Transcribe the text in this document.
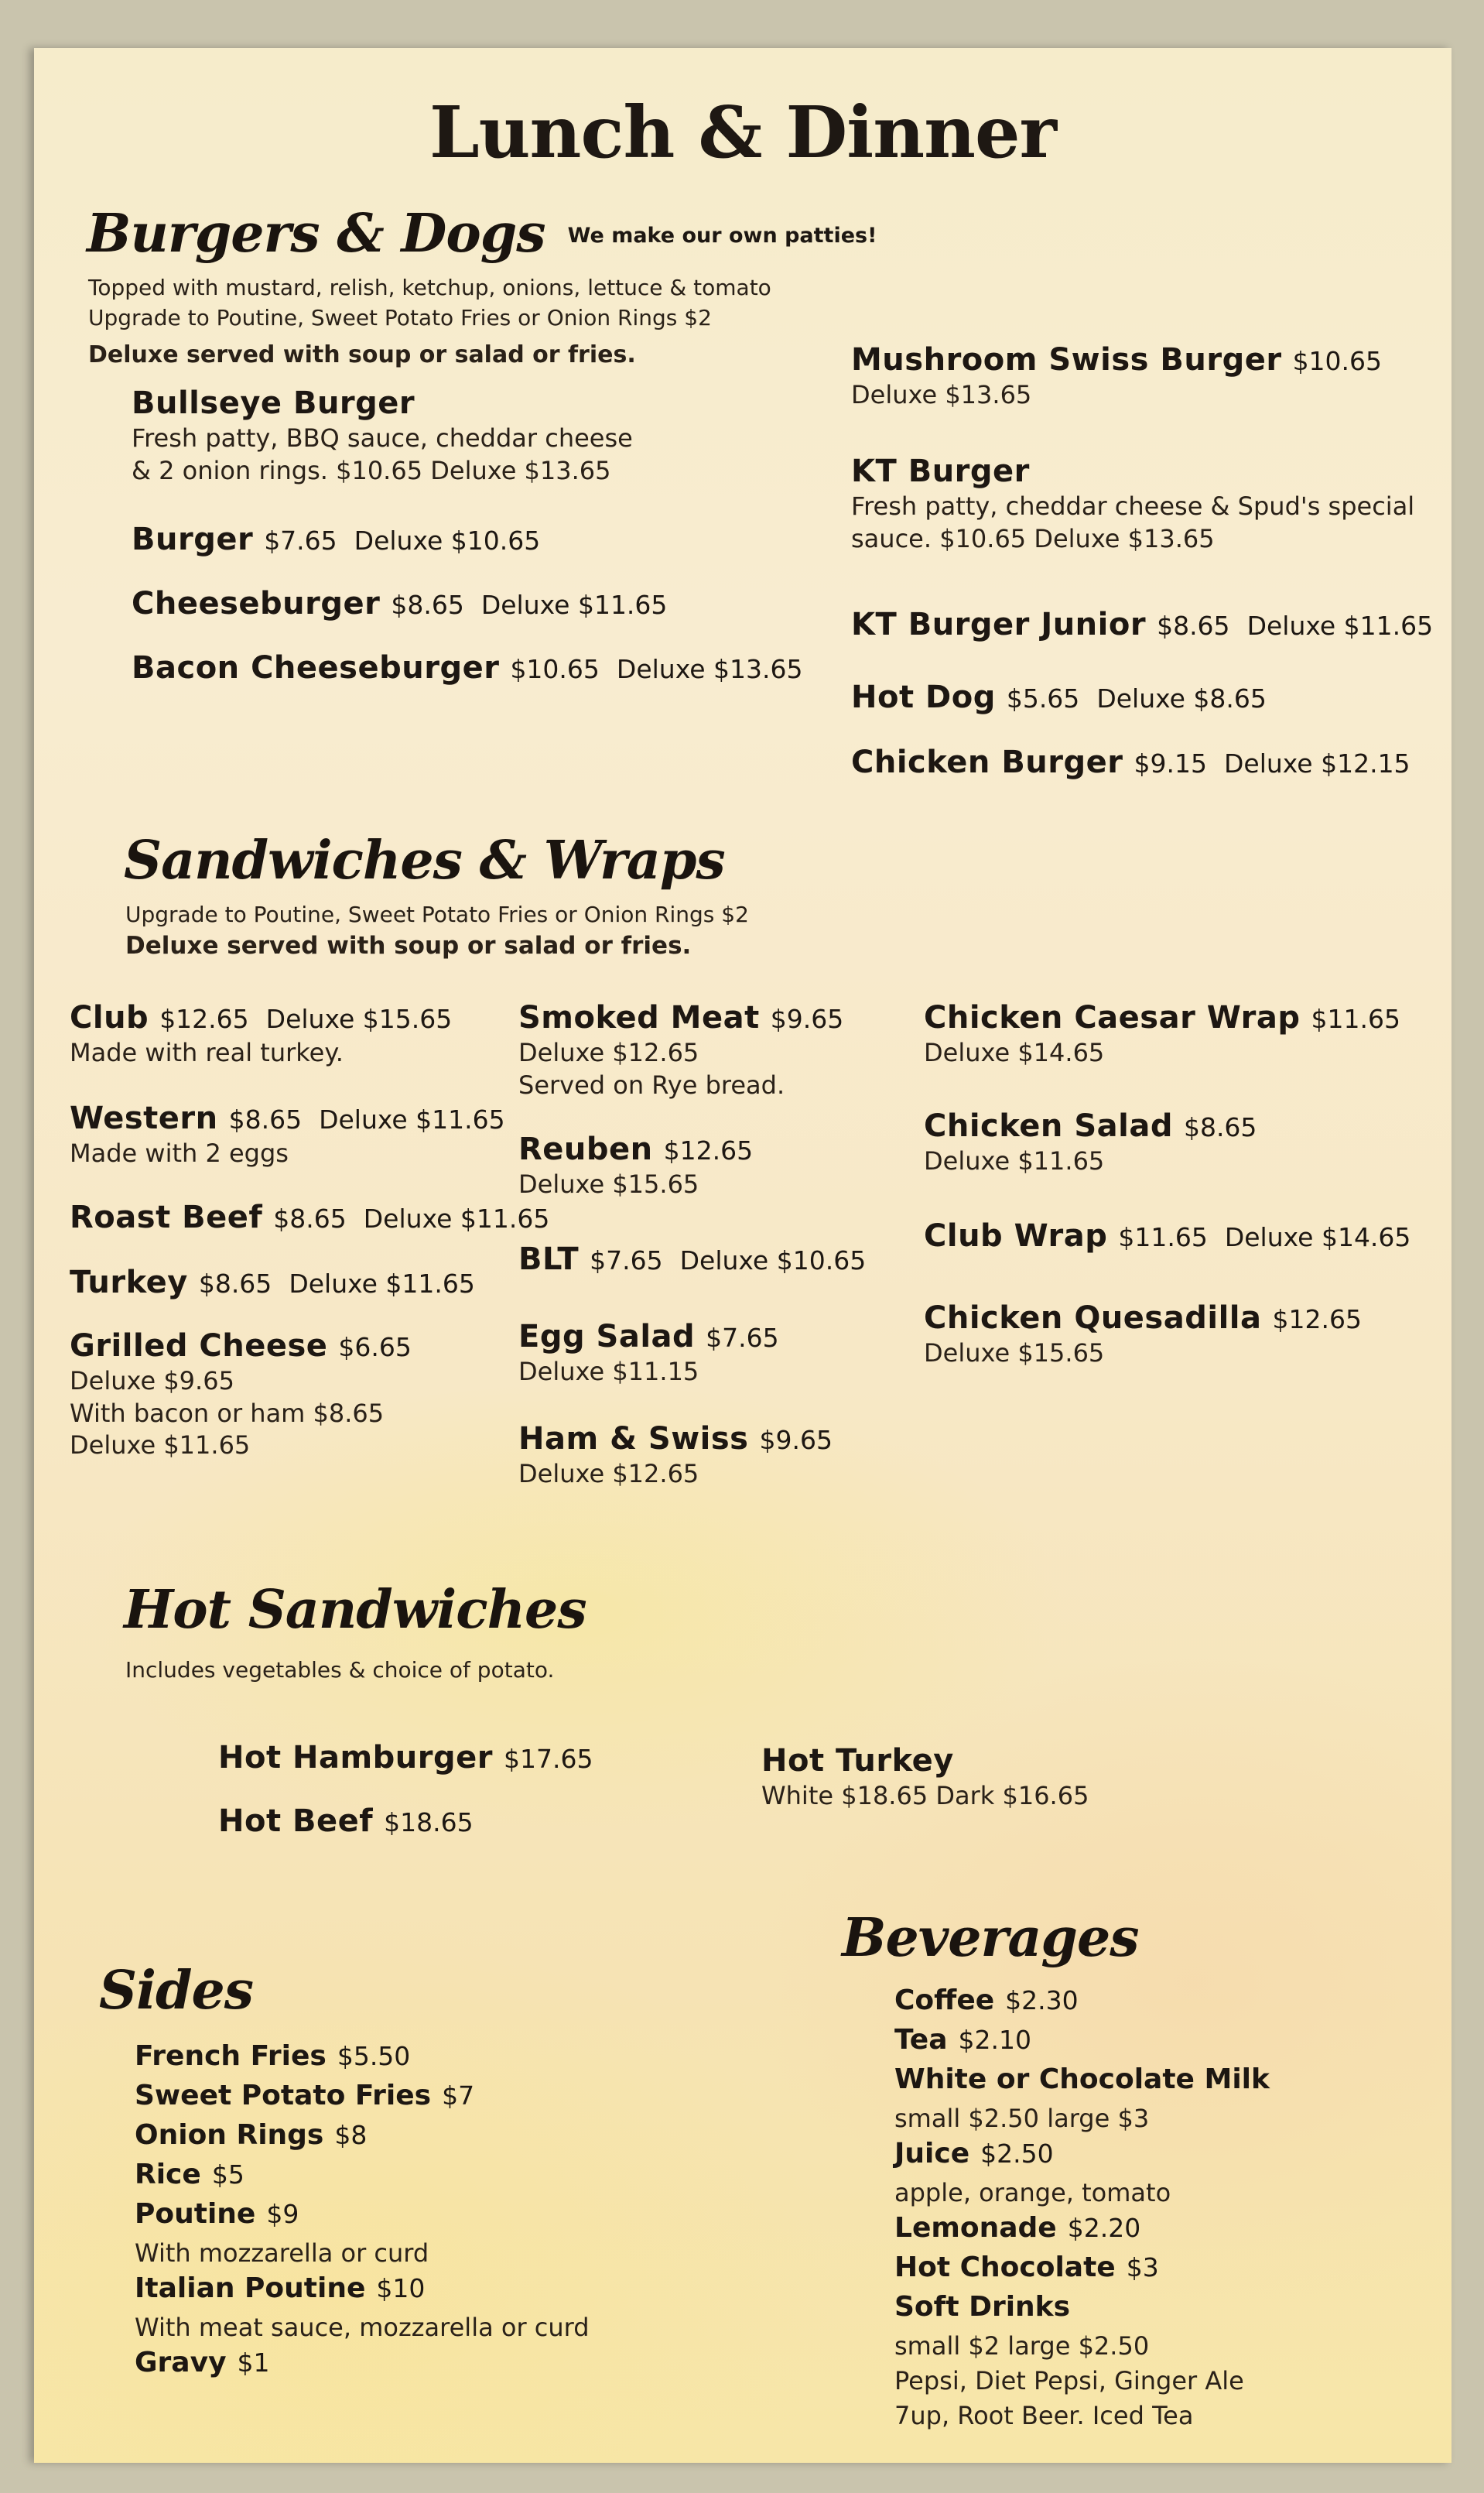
Lunch & Dinner
Burgers & Dogs We make our own patties!
Topped with mustard, relish, ketchup, onions, lettuce & tomato
Upgrade to Poutine, Sweet Potato Fries or Onion Rings $2
Deluxe served with soup or salad or fries.
Bullseye Burger
Fresh patty, BBQ sauce, cheddar cheese
& 2 onion rings. $10.65 Deluxe $13.65
Burger $7.65 Deluxe $10.65
Cheeseburger $8.65 Deluxe $11.65
Bacon Cheeseburger $10.65 Deluxe $13.65
Mushroom Swiss Burger $10.65
Deluxe $13.65
KT Burger
Fresh patty, cheddar cheese & Spud's special
sauce. $10.65 Deluxe $13.65
KT Burger Junior $8.65 Deluxe $11.65
Hot Dog $5.65 Deluxe $8.65
Chicken Burger $9.15 Deluxe $12.15
Sandwiches & Wraps
Upgrade to Poutine, Sweet Potato Fries or Onion Rings $2
Deluxe served with soup or salad or fries.
Club $12.65 Deluxe $15.65
Made with real turkey.
Western $8.65 Deluxe $11.65
Made with 2 eggs
Roast Beef $8.65 Deluxe $11.65
Turkey $8.65 Deluxe $11.65
Grilled Cheese $6.65
Deluxe $9.65
With bacon or ham $8.65
Deluxe $11.65
Smoked Meat $9.65
Deluxe $12.65
Served on Rye bread.
Reuben $12.65
Deluxe $15.65
BLT $7.65 Deluxe $10.65
Egg Salad $7.65
Deluxe $11.15
Ham & Swiss $9.65
Deluxe $12.65
Chicken Caesar Wrap $11.65
Deluxe $14.65
Chicken Salad $8.65
Deluxe $11.65
Club Wrap $11.65 Deluxe $14.65
Chicken Quesadilla $12.65
Deluxe $15.65
Hot Sandwiches
Includes vegetables & choice of potato.
Hot Hamburger $17.65
Hot Beef $18.65
Hot Turkey
White $18.65 Dark $16.65
Sides
French Fries $5.50
Sweet Potato Fries $7
Onion Rings $8
Rice $5
Poutine $9
With mozzarella or curd
Italian Poutine $10
With meat sauce, mozzarella or curd
Gravy $1
Beverages
Coffee $2.30
Tea $2.10
White or Chocolate Milk
small $2.50 large $3
Juice $2.50
apple, orange, tomato
Lemonade $2.20
Hot Chocolate $3
Soft Drinks
small $2 large $2.50
Pepsi, Diet Pepsi, Ginger Ale
7up, Root Beer. Iced Tea
